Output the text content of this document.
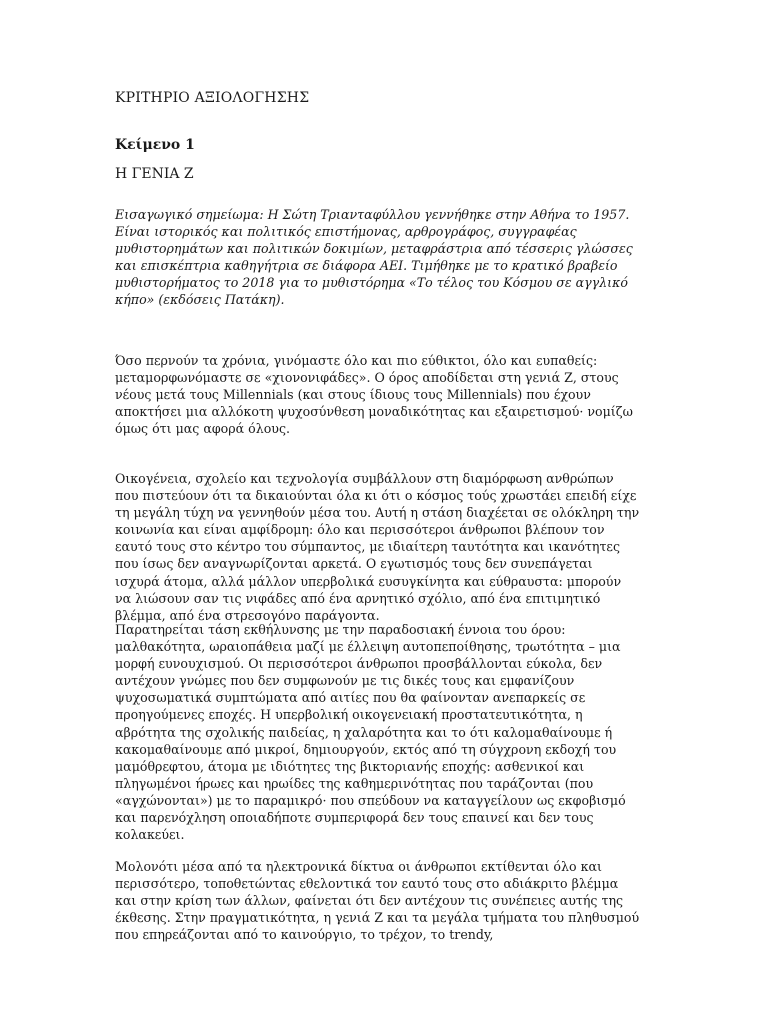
ΚΡΙΤΗΡΙΟ ΑΞΙΟΛΟΓΗΣΗΣ
Κείμενο 1
Η ΓΕΝΙΑ Ζ
Εισαγωγικό σημείωμα: Η Σώτη Τριανταφύλλου γεννήθηκε στην Αθήνα το 1957. Είναι ιστορικός και πολιτικός επιστήμονας, αρθρογράφος, συγγραφέας μυθιστορημάτων και πολιτικών δοκιμίων, μεταφράστρια από τέσσερις γλώσσες και επισκέπτρια καθηγήτρια σε διάφορα ΑΕΙ. Τιμήθηκε με το κρατικό βραβείο μυθιστορήματος το 2018 για το μυθιστόρημα «Το τέλος του Κόσμου σε αγγλικό κήπο» (εκδόσεις Πατάκη).
Όσο περνούν τα χρόνια, γινόμαστε όλο και πιο εύθικτοι, όλο και ευπαθείς: μεταμορφωνόμαστε σε «χιονονιφάδες». Ο όρος αποδίδεται στη γενιά Ζ, στους νέους μετά τους Millennials (και στους ίδιους τους Millennials) που έχουν αποκτήσει μια αλλόκοτη ψυχοσύνθεση μοναδικότητας και εξαιρετισμού· νομίζω όμως ότι μας αφορά όλους.
Οικογένεια, σχολείο και τεχνολογία συμβάλλουν στη διαμόρφωση ανθρώπων που πιστεύουν ότι τα δικαιούνται όλα κι ότι ο κόσμος τούς χρωστάει επειδή είχε τη μεγάλη τύχη να γεννηθούν μέσα του. Αυτή η στάση διαχέεται σε ολόκληρη την κοινωνία και είναι αμφίδρομη: όλο και περισσότεροι άνθρωποι βλέπουν τον εαυτό τους στο κέντρο του σύμπαντος, με ιδιαίτερη ταυτότητα και ικανότητες που ίσως δεν αναγνωρίζονται αρκετά. Ο εγωτισμός τους δεν συνεπάγεται ισχυρά άτομα, αλλά μάλλον υπερβολικά ευσυγκίνητα και εύθραυστα: μπορούν να λιώσουν σαν τις νιφάδες από ένα αρνητικό σχόλιο, από ένα επιτιμητικό βλέμμα, από ένα στρεσογόνο παράγοντα.
Παρατηρείται τάση εκθήλυνσης με την παραδοσιακή έννοια του όρου: μαλθακότητα, ωραιοπάθεια μαζί με έλλειψη αυτοπεποίθησης, τρωτότητα – μια μορφή ευνουχισμού. Οι περισσότεροι άνθρωποι προσβάλλονται εύκολα, δεν αντέχουν γνώμες που δεν συμφωνούν με τις δικές τους και εμφανίζουν ψυχοσωματικά συμπτώματα από αιτίες που θα φαίνονταν ανεπαρκείς σε προηγούμενες εποχές. Η υπερβολική οικογενειακή προστατευτικότητα, η αβρότητα της σχολικής παιδείας, η χαλαρότητα και το ότι καλομαθαίνουμε ή κακομαθαίνουμε από μικροί, δημιουργούν, εκτός από τη σύγχρονη εκδοχή του μαμόθρεφτου, άτομα με ιδιότητες της βικτοριανής εποχής: ασθενικοί και πληγωμένοι ήρωες και ηρωίδες της καθημερινότητας που ταράζονται (που «αγχώνονται») με το παραμικρό· που σπεύδουν να καταγγείλουν ως εκφοβισμό και παρενόχληση οποιαδήποτε συμπεριφορά δεν τους επαινεί και δεν τους κολακεύει.
Μολονότι μέσα από τα ηλεκτρονικά δίκτυα οι άνθρωποι εκτίθενται όλο και περισσότερο, τοποθετώντας εθελοντικά τον εαυτό τους στο αδιάκριτο βλέμμα και στην κρίση των άλλων, φαίνεται ότι δεν αντέχουν τις συνέπειες αυτής της έκθεσης. Στην πραγματικότητα, η γενιά Ζ και τα μεγάλα τμήματα του πληθυσμού που επηρεάζονται από το καινούργιο, το τρέχον, το trendy,
